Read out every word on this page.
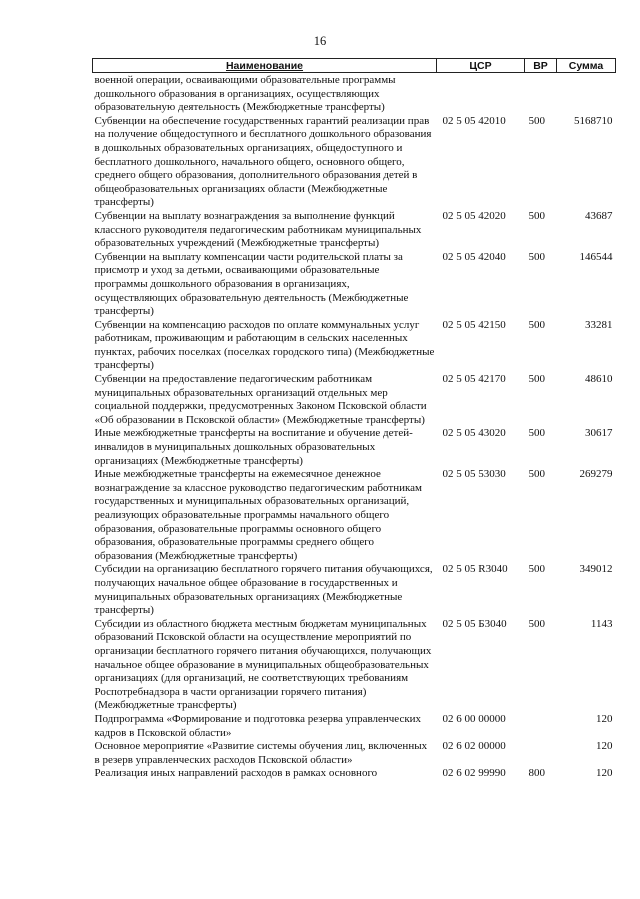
16
Наименование	ЦСР	ВР	Сумма
военной операции, осваивающими образовательные программы дошкольного образования в организациях, осуществляющих образовательную деятельность (Межбюджетные трансферты)			
Субвенции на обеспечение государственных гарантий реализации прав на получение общедоступного и бесплатного дошкольного образования в дошкольных образовательных организациях, общедоступного и бесплатного дошкольного, начального общего, основного общего, среднего общего образования, дополнительного образования детей в общеобразовательных организациях области (Межбюджетные трансферты)	02 5 05 42010	500	5168710
Субвенции на выплату вознаграждения за выполнение функций классного руководителя педагогическим работникам муниципальных образовательных учреждений (Межбюджетные трансферты)	02 5 05 42020	500	43687
Субвенции на выплату компенсации части родительской платы за присмотр и уход за детьми, осваивающими образовательные программы дошкольного образования в организациях, осуществляющих образовательную деятельность (Межбюджетные трансферты)	02 5 05 42040	500	146544
Субвенции на компенсацию расходов по оплате коммунальных услуг работникам, проживающим и работающим в сельских населенных пунктах, рабочих поселках (поселках городского типа) (Межбюджетные трансферты)	02 5 05 42150	500	33281
Субвенции на предоставление педагогическим работникам муниципальных образовательных организаций отдельных мер социальной поддержки, предусмотренных Законом Псковской области «Об образовании в Псковской области» (Межбюджетные трансферты)	02 5 05 42170	500	48610
Иные межбюджетные трансферты на воспитание и обучение детей-инвалидов в муниципальных дошкольных образовательных организациях (Межбюджетные трансферты)	02 5 05 43020	500	30617
Иные межбюджетные трансферты на ежемесячное денежное вознаграждение за классное руководство педагогическим работникам государственных и муниципальных образовательных организаций, реализующих образовательные программы начального общего образования, образовательные программы основного общего образования, образовательные программы среднего общего образования (Межбюджетные трансферты)	02 5 05 53030	500	269279
Субсидии на организацию бесплатного горячего питания обучающихся, получающих начальное общее образование в государственных и муниципальных образовательных организациях (Межбюджетные трансферты)	02 5 05 R3040	500	349012
Субсидии из областного бюджета местным бюджетам муниципальных образований Псковской области на осуществление мероприятий по организации бесплатного горячего питания обучающихся, получающих начальное общее образование в муниципальных общеобразовательных организациях (для организаций, не соответствующих требованиям Роспотребнадзора в части организации горячего питания) (Межбюджетные трансферты)	02 5 05 Б3040	500	1143
Подпрограмма «Формирование и подготовка резерва управленческих кадров в Псковской области»	02 6 00 00000		120
Основное мероприятие «Развитие системы обучения лиц, включенных в резерв управленческих расходов Псковской области»	02 6 02 00000		120
Реализация иных направлений расходов в рамках основного	02 6 02 99990	800	120
